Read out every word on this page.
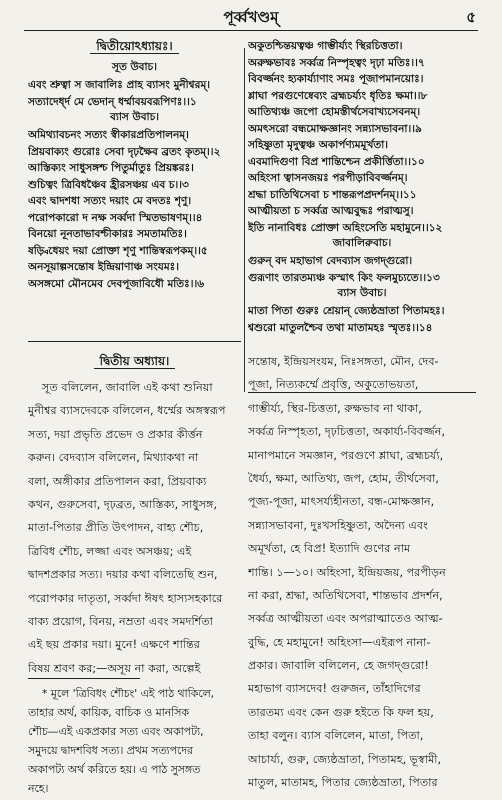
পূর্ব্বখণ্ডম্	৫
দ্বিতীয়োঽধ্যায়ঃ।
সূত উবাচ।
এবং শ্রুত্বা স জাবালিঃ প্রাহ ব্যাসং মুনীশ্বরম্।
সত্যাদের্ধ্দ মে ভেদান্ ধর্ম্মাবয়বরূপিণঃ।।১
ব্যাস উবাচ।
অমিথ্যাবচনং সত্যং স্বীকারপ্রতিপালনম্।
প্রিয়বাক্যং গুরোঃ সেবা দৃঢ়ক্ষৈব ব্রতং কৃতম্।।২
আস্তিক্যং সাধুসঙ্গশ্চ পিতুর্মাতুঃ প্রিয়ঙ্করঃ।
শুচিত্বং ত্রিবিধঞ্চৈব হ্রীরসঞ্চয় এব চ।।৩
এবং দ্বাদশধা সত্যং দয়াং মে বদতঃ শৃণু।
পরোপকারো দ নক্ষ সর্ব্বদা স্মিতভাষণম্।।৪
বিনয়ো নূনতাভাবশ্চীকারঃ সমতামতিঃ।
ষড়্বিধেয়ং দয়া প্রোক্তা শৃণু শান্তিস্বরূপকম্।।৫
অনসূয়াল্পসন্তোষ ইন্দ্রিয়াণাঞ্চ সংযমঃ।
অসঙ্গমো মৌনমেব দেবপূজাবিধৌ মতিঃ।।৬
অকুতশ্চিন্তয়ত্বঞ্চ গাম্ভীর্য্যং স্থিরচিত্ততা।
অরুক্ষভাবঃ সর্ব্বত্র নিস্পৃহত্বং দৃঢ়া মতিঃ।।৭
বিবর্জ্জনং হ্যকার্য্যাণাং সমঃ পূজাপমানয়োঃ।
শ্লাঘা পরগুণেষ্বেব্যং ব্রহ্মচর্য্যং ধৃতিঃ ক্ষমা।।৮
আতিথ্যঞ্চ জপো হোমস্তীর্থসেবাখ্যসেবনম্।
অমৎসরো বন্ধমোক্ষজ্ঞানং সন্ন্যাসভাবনা।।৯
সহিষ্ণুতা মৃদুত্বঞ্চ অকার্পণ্যমমূর্খতা।
এবমাদিগুণা বিপ্র শান্তিশ্চেন প্রকীর্ত্তিতা।।১০
অহিংসা ত্বাসনজয়ঃ পরপীড়াবিবর্জ্জনম্।
শ্রদ্ধা চাতিথিসেবা চ শান্তরূপপ্রদর্শনম্।।১১
আত্মীয়তা চ সর্ব্বত্র আত্মবুদ্ধঃ পরাত্মসু।
ইতি নানাবিধঃ প্রোক্তা অহিংসেতি মহামুনে।।১২
জাবালিরুবাচ।
গুরুন্ বদ মহাভাগ বেদব্যাস জগদ্গুরো।
গুরূণাং তারতম্যঞ্চ কস্মাৎ কিং ফলমুচ্যতে।।১৩
ব্যাস উবাচ।
মাতা পিতা গুরুঃ শ্রেয়ান্ জ্যেষ্ঠভ্রাতা পিতামহঃ।
শ্বশুরো মাতুলশ্চৈব তথা মাতামহঃ স্মৃতঃ।।১৪
দ্বিতীয় অধ্যায়।
সূত বলিলেন, জাবালি এই কথা শুনিয়া
মুনীশ্বর ব্যাসদেবকে বলিলেন, ধর্ম্মের অঙ্গস্বরূপ
সত্য, দয়া প্রভৃতি প্রভেদ ও প্রকার কীর্ত্তন
করুন। বেদব্যাস বলিলেন, মিথ্যাকথা না
বলা, অঙ্গীকার প্রতিপালন করা, প্রিয়বাক্য
কথন, গুরুসেবা, দৃঢ়ব্রত, আস্তিক্য, সাধুসঙ্গ,
মাতা-পিতার প্রীতি উৎপাদন, বাহ্য শৌচ,
ত্রিবিধ শৌচ, লজ্জা এবং অসঞ্চয়; এই
দ্বাদশপ্রকার সত্য। দয়ার কথা বলিতেছি শুন,
পরোপকার দাতৃতা, সর্ব্বদা ঈষৎ হাস্যসহকারে
বাক্য প্রয়োগ, বিনয়, নম্রতা এবং সমদর্শিতা
এই ছয় প্রকার দয়া। মুনে! এক্ষণে শান্তির
বিষয় শ্রবণ কর;—অসূয় না করা, অল্পেই
* মূলে 'ত্রিবিধং শৌচং' এই পাঠ থাকিলে,
তাহার অর্থ, কায়িক, বাচিক ও মানসিক
শৌচ—এই একপ্রকার সত্য এবং অকাপট্য,
সমুদয়ে দ্বাদশবিধ সত্য। প্রথম সত্যপদের
অকাপট্য অর্থ করিতে হয়। এ পাঠ সুসঙ্গত
নহে।
সন্তোষ, ইন্দ্রিয়সংযম, নিঃসঙ্গতা, মৌন, দেব-
পূজা, নিত্যকর্ম্মে প্রবৃত্তি, অকুতোভয়তা,
গাম্ভীর্য্য, স্থির-চিত্ততা, রুক্ষভাব না থাকা,
সর্ব্বত্র নিস্পৃহতা, দৃঢ়চিত্ততা, অকার্য্য-বিবর্জ্জন,
মানাপমানে সমজ্ঞান, পরগুণে শ্লাঘা, ব্রহ্মচর্য্য,
ধৈর্য্য, ক্ষমা, আতিথ্য, জপ, হোম, তীর্থসেবা,
পূজ্য-পূজা, মাৎসর্য্যহীনতা, বন্ধ-মোক্ষজ্ঞান,
সন্ন্যাসভাবনা, দুঃখসহিষ্ণুতা, অদৈন্য এবং
অমূর্খতা, হে বিপ্র! ইত্যাদি গুণের নাম
শান্তি। ১—১০। অহিংসা, ইন্দ্রিয়জয়, পরপীড়ন
না করা, শ্রদ্ধা, অতিথিসেবা, শান্তভাব প্রদর্শন,
সর্ব্বত্র আত্মীয়তা এবং অপরাত্মাতেও আত্ম-
বুদ্ধি, হে মহামুনে! অহিংসা—এইরূপ নানা-
প্রকার। জাবালি বলিলেন, হে জগদ্গুরো!
মহাভাগ ব্যাসদেব! গুরুজন, তাঁহাদিগের
তারতম্য এবং কেন গুরু হইতে কি ফল হয়,
তাহা বলুন। ব্যাস বলিলেন, মাতা, পিতা,
আচার্য্য, গুরু, জ্যেষ্ঠভ্রাতা, পিতামহ, ভূস্বামী,
মাতুল, মাতামহ, পিতার জ্যেষ্ঠভ্রাতা, পিতার
